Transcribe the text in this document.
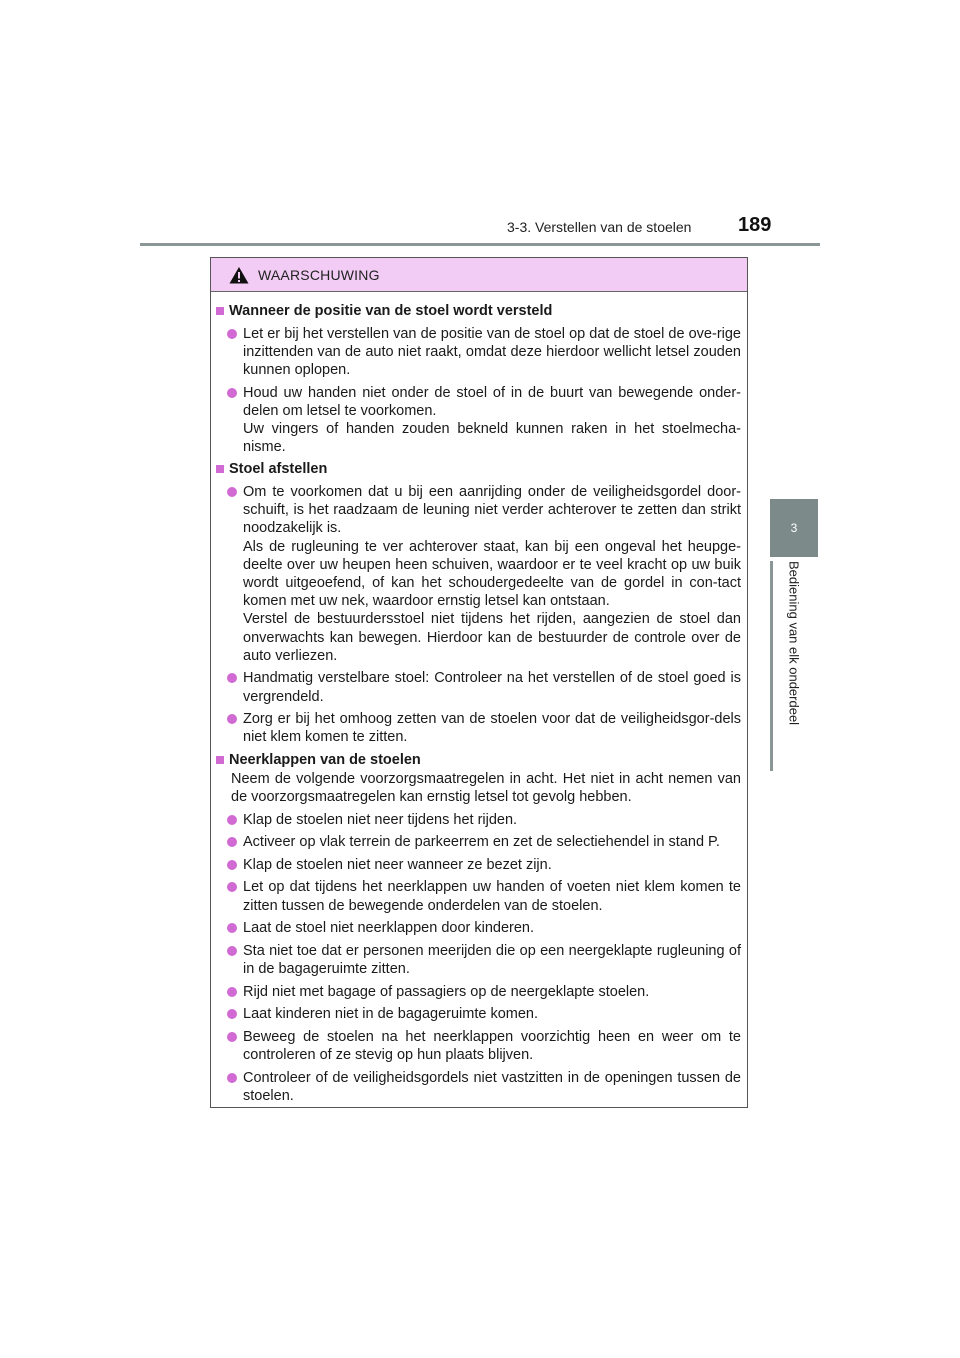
3-3. Verstellen van de stoelen	189
3
Bediening van elk onderdeel
WAARSCHUWING
Wanneer de positie van de stoel wordt versteld

Let er bij het verstellen van de positie van de stoel op dat de stoel de ove-rige inzittenden van de auto niet raakt, omdat deze hierdoor wellicht letsel zouden kunnen oplopen.

Houd uw handen niet onder de stoel of in de buurt van bewegende onder-delen om letsel te voorkomen.

Uw vingers of handen zouden bekneld kunnen raken in het stoelmecha-nisme.

Stoel afstellen

Om te voorkomen dat u bij een aanrijding onder de veiligheidsgordel door-schuift, is het raadzaam de leuning niet verder achterover te zetten dan strikt noodzakelijk is.

Als de rugleuning te ver achterover staat, kan bij een ongeval het heupge-deelte over uw heupen heen schuiven, waardoor er te veel kracht op uw buik wordt uitgeoefend, of kan het schoudergedeelte van de gordel in con-tact komen met uw nek, waardoor ernstig letsel kan ontstaan.

Verstel de bestuurdersstoel niet tijdens het rijden, aangezien de stoel dan onverwachts kan bewegen. Hierdoor kan de bestuurder de controle over de auto verliezen.

Handmatig verstelbare stoel: Controleer na het verstellen of de stoel goed is vergrendeld.

Zorg er bij het omhoog zetten van de stoelen voor dat de veiligheidsgor-dels niet klem komen te zitten.

Neerklappen van de stoelen

Neem de volgende voorzorgsmaatregelen in acht. Het niet in acht nemen van de voorzorgsmaatregelen kan ernstig letsel tot gevolg hebben.

Klap de stoelen niet neer tijdens het rijden.

Activeer op vlak terrein de parkeerrem en zet de selectiehendel in stand P.

Klap de stoelen niet neer wanneer ze bezet zijn.

Let op dat tijdens het neerklappen uw handen of voeten niet klem komen te zitten tussen de bewegende onderdelen van de stoelen.

Laat de stoel niet neerklappen door kinderen.

Sta niet toe dat er personen meerijden die op een neergeklapte rugleuning of in de bagageruimte zitten.

Rijd niet met bagage of passagiers op de neergeklapte stoelen.

Laat kinderen niet in de bagageruimte komen.

Beweeg de stoelen na het neerklappen voorzichtig heen en weer om te controleren of ze stevig op hun plaats blijven.

Controleer of de veiligheidsgordels niet vastzitten in de openingen tussen de stoelen.
